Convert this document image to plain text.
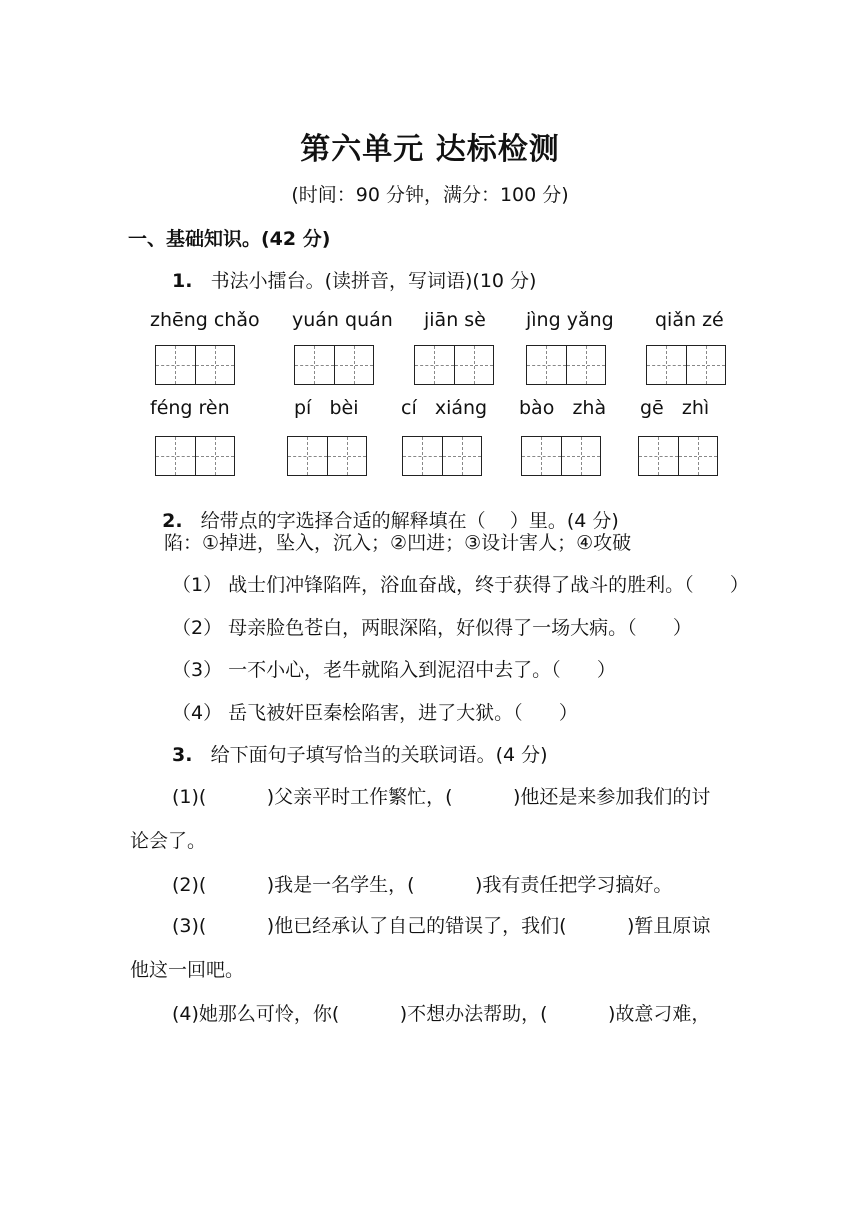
第六单元 达标检测
(时间：90 分钟，满分：100 分)
一、基础知识。(42 分)
1. 书法小擂台。(读拼音，写词语)(10 分)
zhēng chǎo yuán quán jiān sè jìng yǎng qiǎn zé
féng rèn	pí   bèi cí   xiáng bào   zhà gē   zhì

2. 给带点的字选择合适的解释填在（    ）里。(4 分)

陷：①掉进，坠入，沉入；②凹进；③设计害人；④攻破
（1） 战士们冲锋陷阵，浴血奋战，终于获得了战斗的胜利。（      ）
（2） 母亲脸色苍白，两眼深陷，好似得了一场大病。（      ）
（3） 一不小心，老牛就陷入到泥沼中去了。（      ）
（4） 岳飞被奸臣秦桧陷害，进了大狱。（      ）
3. 给下面句子填写恰当的关联词语。(4 分)
(1)(          )父亲平时工作繁忙，(          )他还是来参加我们的讨
论会了。
(2)(          )我是一名学生，(          )我有责任把学习搞好。
(3)(          )他已经承认了自己的错误了，我们(          )暂且原谅
他这一回吧。
(4)她那么可怜，你(          )不想办法帮助，(          )故意刁难，
